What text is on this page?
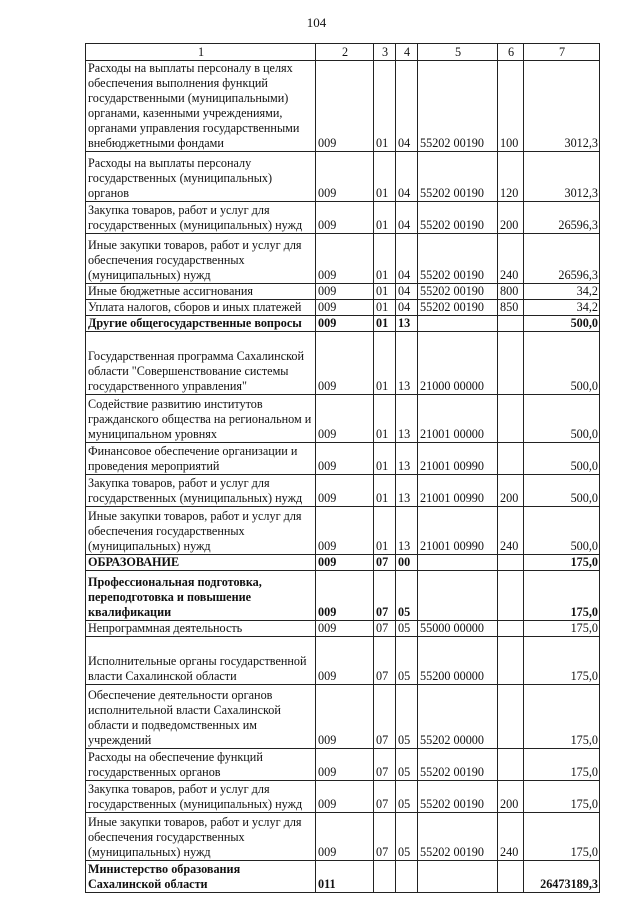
104
1	2	3	4	5	6	7
Расходы на выплаты персоналу в целях обеспечения выполнения функций государственными (муниципальными) органами, казенными учреждениями, органами управления государственными внебюджетными фондами	009	01	04	55202 00190	100	3012,3
Расходы на выплаты персоналу государственных (муниципальных) органов	009	01	04	55202 00190	120	3012,3
Закупка товаров, работ и услуг для государственных (муниципальных) нужд	009	01	04	55202 00190	200	26596,3
Иные закупки товаров, работ и услуг для обеспечения государственных (муниципальных) нужд	009	01	04	55202 00190	240	26596,3
Иные бюджетные ассигнования	009	01	04	55202 00190	800	34,2
Уплата налогов, сборов и иных платежей	009	01	04	55202 00190	850	34,2
Другие общегосударственные вопросы	009	01	13			500,0
Государственная программа Сахалинской области "Совершенствование системы государственного управления"	009	01	13	21000 00000		500,0
Содействие развитию институтов гражданского общества на региональном и муниципальном уровнях	009	01	13	21001 00000		500,0
Финансовое обеспечение организации и проведения мероприятий	009	01	13	21001 00990		500,0
Закупка товаров, работ и услуг для государственных (муниципальных) нужд	009	01	13	21001 00990	200	500,0
Иные закупки товаров, работ и услуг для обеспечения государственных (муниципальных) нужд	009	01	13	21001 00990	240	500,0
ОБРАЗОВАНИЕ	009	07	00			175,0
Профессиональная подготовка, переподготовка и повышение квалификации	009	07	05			175,0
Непрограммная деятельность	009	07	05	55000 00000		175,0
Исполнительные органы государственной власти Сахалинской области	009	07	05	55200 00000		175,0
Обеспечение деятельности органов исполнительной власти Сахалинской области и подведомственных им учреждений	009	07	05	55202 00000		175,0
Расходы на обеспечение функций государственных органов	009	07	05	55202 00190		175,0
Закупка товаров, работ и услуг для государственных (муниципальных) нужд	009	07	05	55202 00190	200	175,0
Иные закупки товаров, работ и услуг для обеспечения государственных (муниципальных) нужд	009	07	05	55202 00190	240	175,0
Министерство образования Сахалинской области	011					26473189,3
